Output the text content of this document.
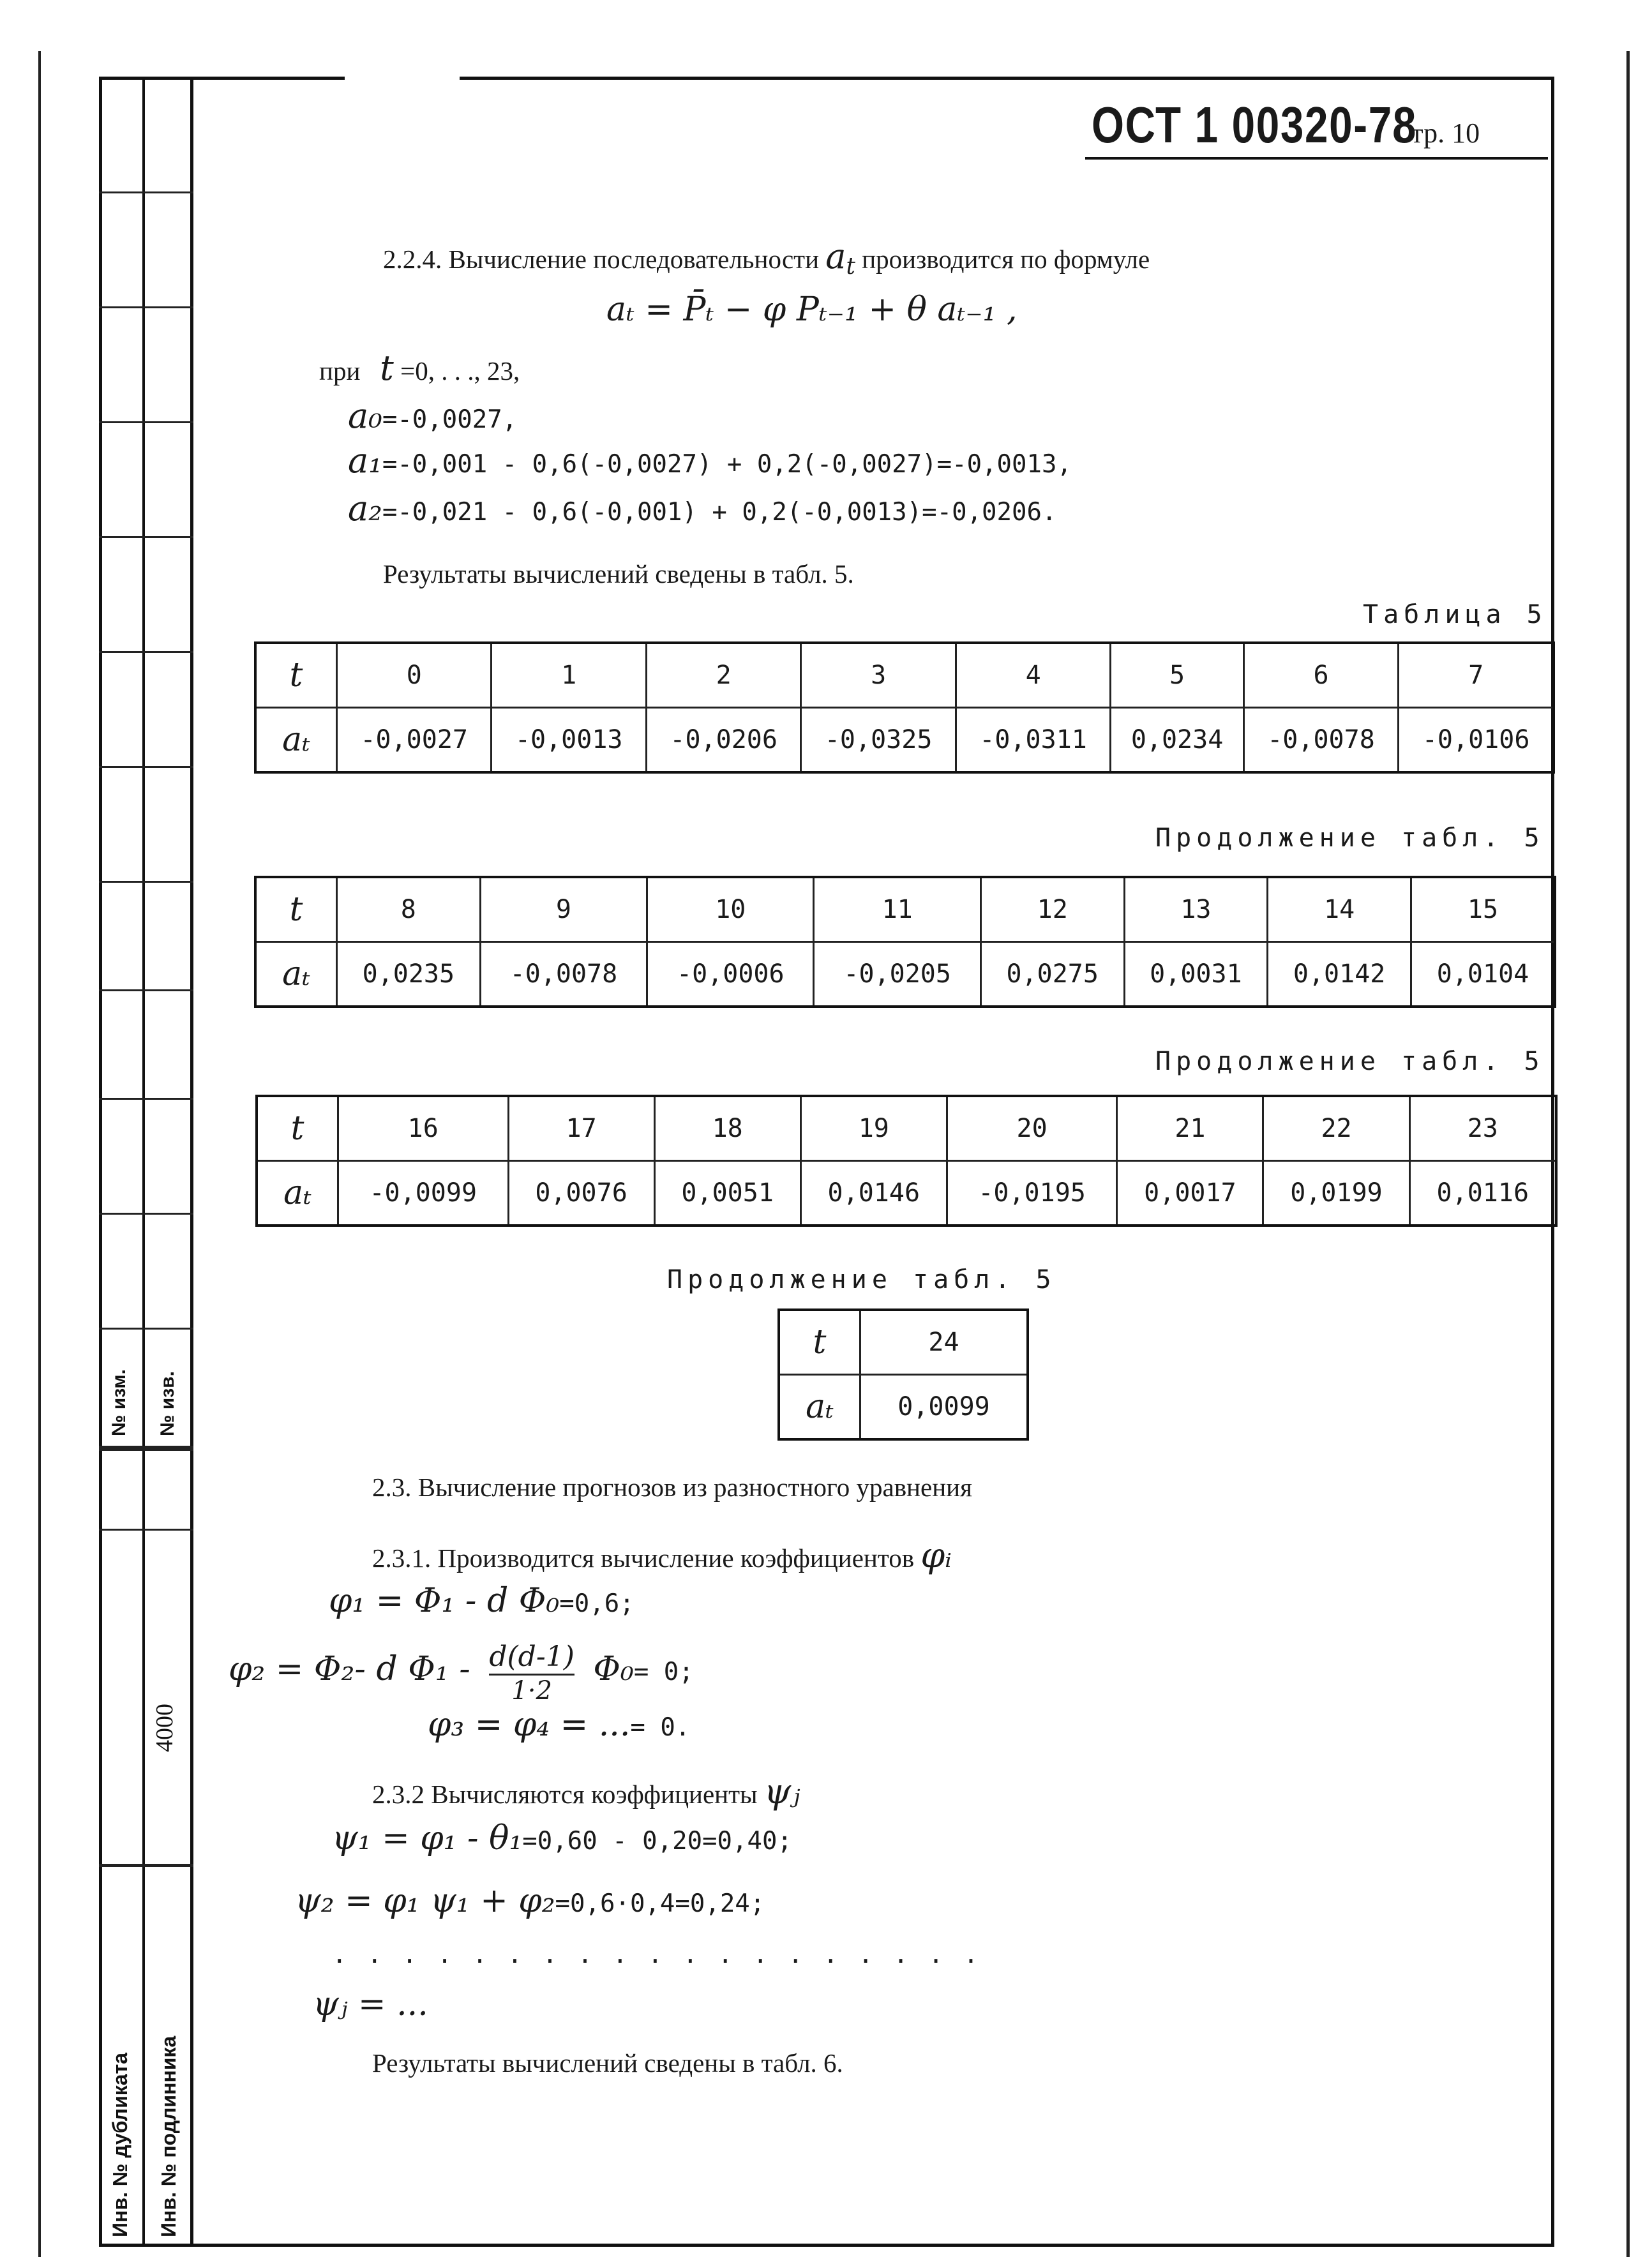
№ изм. № изв.
4000
Инв. № дубликата Инв. № подлинника
ОСТ 1 00320-78 Стр. 10
2.2.4. Вычисление последовательности $a_t$ производится по формуле
aₜ = P̄ₜ − φ Pₜ₋₁ + θ aₜ₋₁ ,
при t =0, . . ., 23,
a₀=-0,0027,
a₁=-0,001 - 0,6(-0,0027) + 0,2(-0,0027)=-0,0013,
a₂=-0,021 - 0,6(-0,001) + 0,2(-0,0013)=-0,0206.
Результаты вычислений сведены в табл. 5.
Таблица 5
t	0	1	2	3	4	5	6	7
aₜ	-0,0027	-0,0013	-0,0206	-0,0325	-0,0311	0,0234	-0,0078	-0,0106
Продолжение табл. 5
t	8	9	10	11	12	13	14	15
aₜ	0,0235	-0,0078	-0,0006	-0,0205	0,0275	0,0031	0,0142	0,0104
Продолжение табл. 5
t	16	17	18	19	20	21	22	23
aₜ	-0,0099	0,0076	0,0051	0,0146	-0,0195	0,0017	0,0199	0,0116
Продолжение табл. 5
t	24
aₜ	0,0099
2.3. Вычисление прогнозов из разностного уравнения
2.3.1. Производится вычисление коэффициентов φᵢ
φ₁ = Φ₁ - d Φ₀=0,6;
φ₂ = Φ₂- d $\Phi_1 - \frac{d(d-1)}{1\cdot 2} \Phi_0= 0$;
φ₃ = φ₄ = ...= 0.
2.3.2 Вычисляются коэффициенты ψⱼ
ψ₁ = φ₁ - θ₁=0,60 - 0,20=0,40;
ψ₂ = φ₁ ψ₁ + φ₂=0,6·0,4=0,24;
. . . . . . . . . . . . . . . . . . .
ψⱼ = ...
Результаты вычислений сведены в табл. 6.
